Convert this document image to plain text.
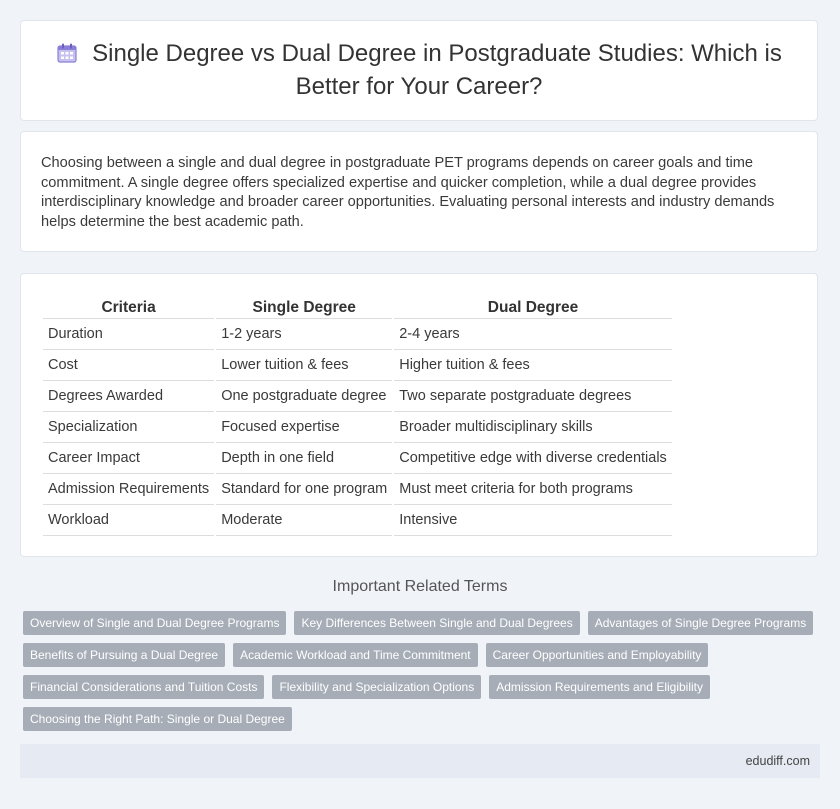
Single Degree vs Dual Degree in Postgraduate Studies: Which is Better for Your Career?

Choosing between a single and dual degree in postgraduate PET programs depends on career goals and time commitment. A single degree offers specialized expertise and quicker completion, while a dual degree provides interdisciplinary knowledge and broader career opportunities. Evaluating personal interests and industry demands helps determine the best academic path.

Criteria		Single Degree		Dual Degree
Duration		1-2 years		2-4 years
Cost		Lower tuition & fees		Higher tuition & fees
Degrees Awarded		One postgraduate degree		Two separate postgraduate degrees
Specialization		Focused expertise		Broader multidisciplinary skills
Career Impact		Depth in one field		Competitive edge with diverse credentials
Admission Requirements		Standard for one program		Must meet criteria for both programs
Workload		Moderate		Intensive
Important Related Terms
Overview of Single and Dual Degree Programs	Key Differences Between Single and Dual Degrees	Advantages of Single Degree Programs
Benefits of Pursuing a Dual Degree	Academic Workload and Time Commitment	Career Opportunities and Employability
Financial Considerations and Tuition Costs	Flexibility and Specialization Options	Admission Requirements and Eligibility
Choosing the Right Path: Single or Dual Degree
edudiff.com
